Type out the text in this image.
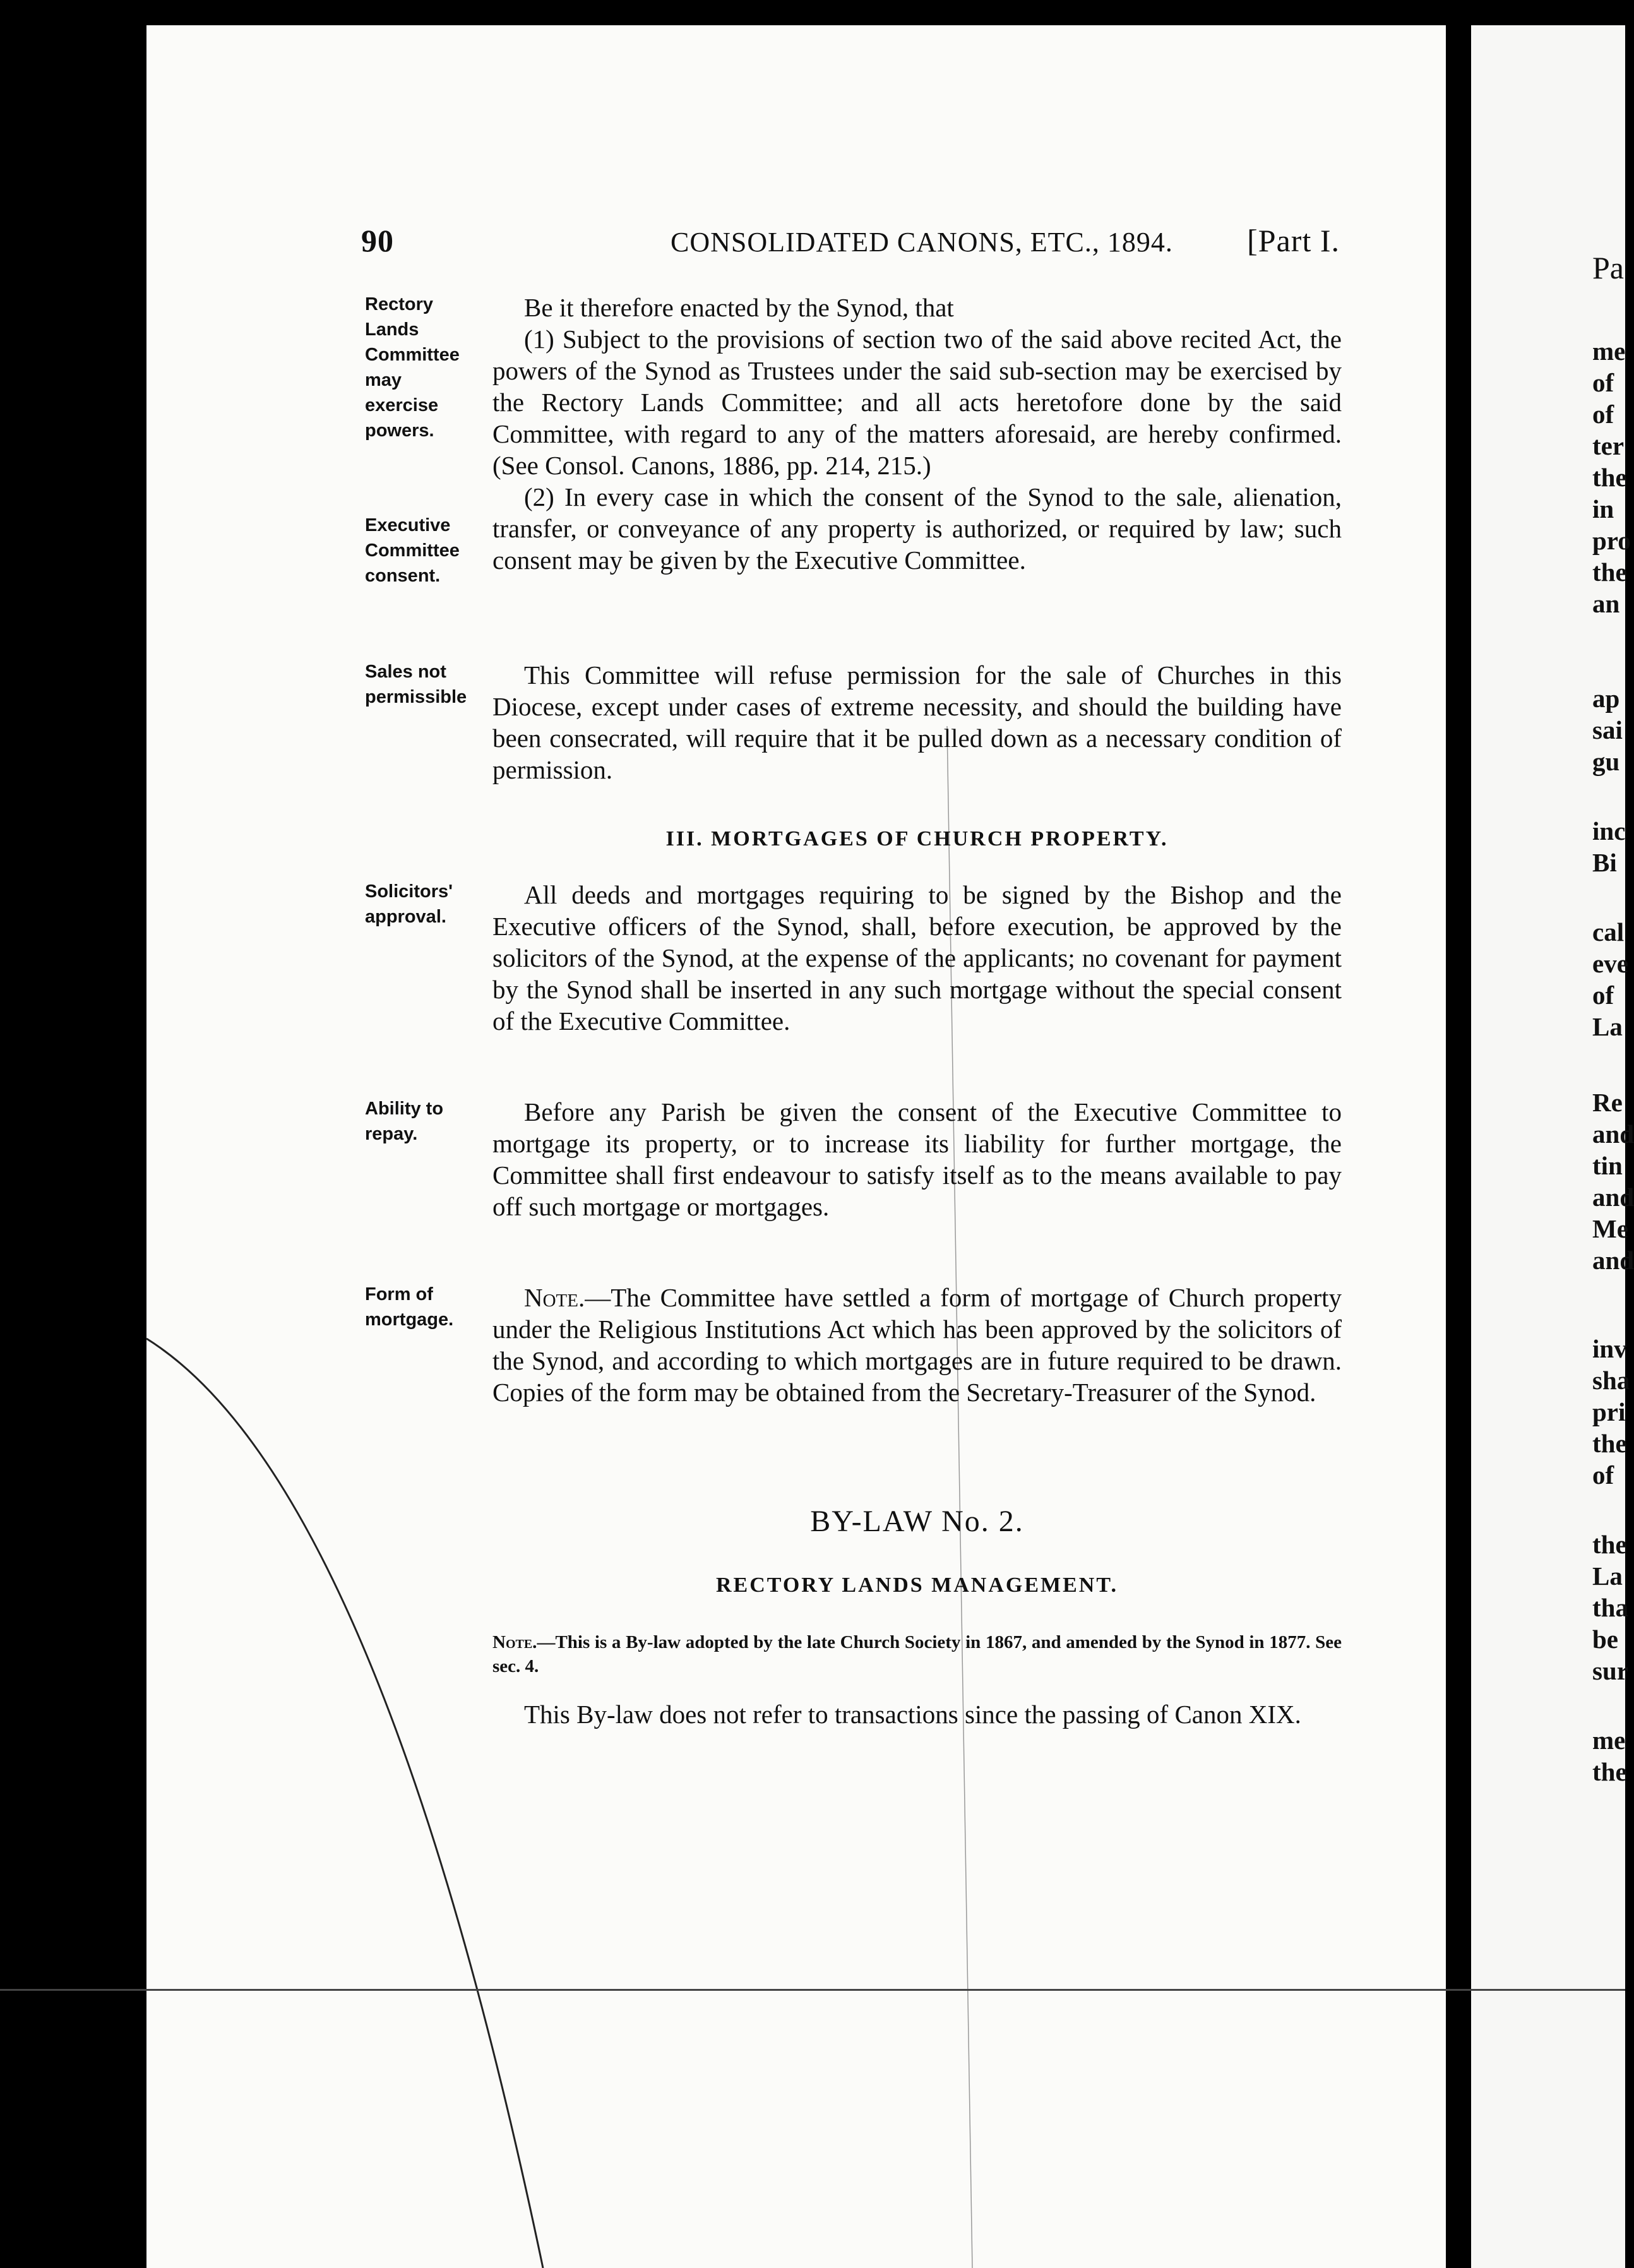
90	CONSOLIDATED CANONS, ETC., 1894. [Part I.
Rectory Lands Committee may exercise powers.
Executive Committee consent.
Sales not permissible
Solicitors' approval.
Ability to repay.
Form of mortgage.

Be it therefore enacted by the Synod, that

(1) Subject to the provisions of section two of the said above recited Act, the powers of the Synod as Trustees under the said sub-section may be exercised by the Rectory Lands Committee; and all acts heretofore done by the said Committee, with regard to any of the matters aforesaid, are hereby confirmed. (See Consol. Canons, 1886, pp. 214, 215.)

(2) In every case in which the consent of the Synod to the sale, alienation, transfer, or conveyance of any property is authorized, or required by law; such consent may be given by the Executive Committee.

This Committee will refuse permission for the sale of Churches in this Diocese, except under cases of extreme necessity, and should the building have been consecrated, will require that it be pulled down as a necessary condition of permission.

III. MORTGAGES OF CHURCH PROPERTY.

All deeds and mortgages requiring to be signed by the Bishop and the Executive officers of the Synod, shall, before execution, be approved by the solicitors of the Synod, at the expense of the applicants; no covenant for payment by the Synod shall be inserted in any such mortgage without the special consent of the Executive Committee.

Before any Parish be given the consent of the Executive Committee to mortgage its property, or to increase its liability for further mortgage, the Committee shall first endeavour to satisfy itself as to the means available to pay off such mortgage or mortgages.

Note.—The Committee have settled a form of mortgage of Church property under the Religious Institutions Act which has been approved by the solicitors of the Synod, and according to which mortgages are in future required to be drawn. Copies of the form may be obtained from the Secretary-Treasurer of the Synod.

BY-LAW No. 2.
RECTORY LANDS MANAGEMENT.
Note.—This is a By-law adopted by the late Church Society in 1867, and amended by the Synod in 1877. See sec. 4.

This By-law does not refer to transactions since the passing of Canon XIX.

Pa
me
of
of
ter
the
in
pro
the
an
ap
sai
gu
inc
Bi
cal
eve
of
La
Re
and
tin
and
Me
and
inv
sha
pri
the
of
the
La
tha
be
sur
me
the
